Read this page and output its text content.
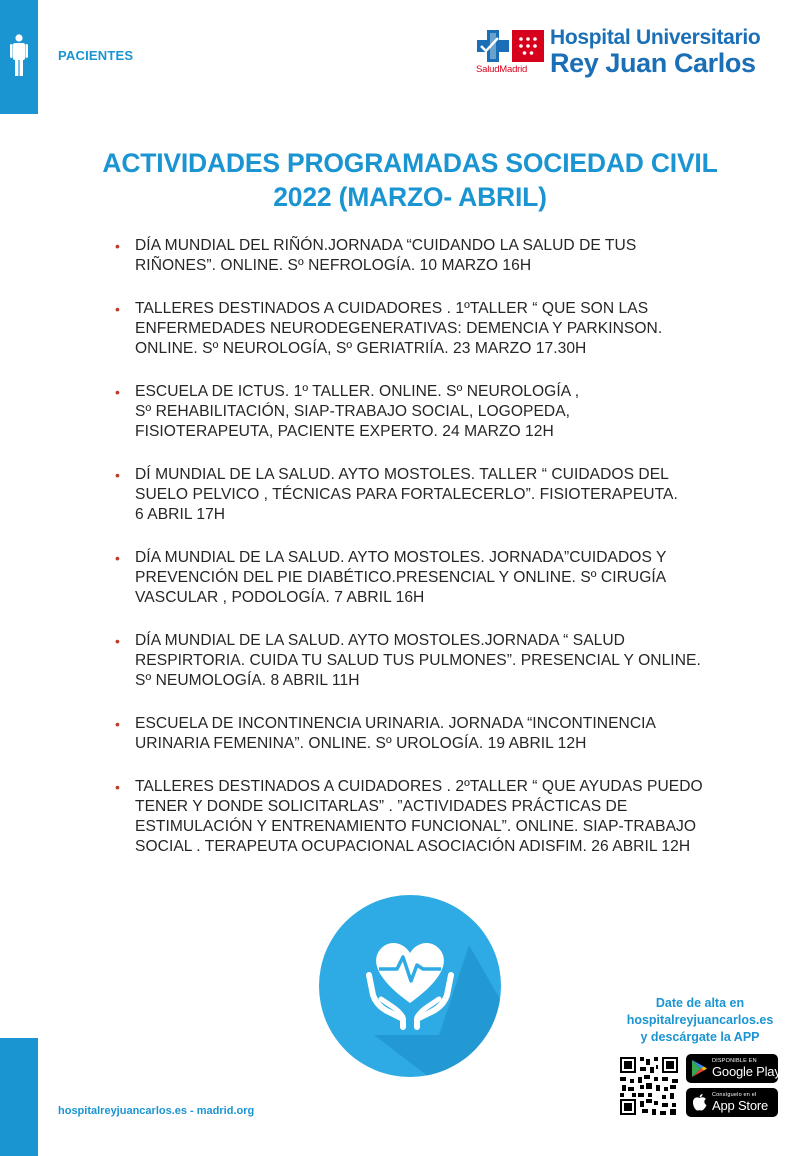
PACIENTES
SaludMadrid
Hospital Universitario
Rey Juan Carlos
ACTIVIDADES PROGRAMADAS SOCIEDAD CIVIL
2022 (MARZO- ABRIL)
• DÍA MUNDIAL DEL RIÑÓN.JORNADA “CUIDANDO LA SALUD DE TUS
RIÑONES”. ONLINE. Sº NEFROLOGÍA. 10 MARZO 16H
• TALLERES DESTINADOS A CUIDADORES . 1ºTALLER “ QUE SON LAS
ENFERMEDADES NEURODEGENERATIVAS: DEMENCIA Y PARKINSON.
ONLINE. Sº NEUROLOGÍA, Sº GERIATRIÍA. 23 MARZO 17.30H
• ESCUELA DE ICTUS. 1º TALLER. ONLINE. Sº NEUROLOGÍA ,
Sº REHABILITACIÓN, SIAP-TRABAJO SOCIAL, LOGOPEDA,
FISIOTERAPEUTA, PACIENTE EXPERTO. 24 MARZO 12H
• DÍ MUNDIAL DE LA SALUD. AYTO MOSTOLES. TALLER “ CUIDADOS DEL
SUELO PELVICO , TÉCNICAS PARA FORTALECERLO”. FISIOTERAPEUTA.
6 ABRIL 17H
• DÍA MUNDIAL DE LA SALUD. AYTO MOSTOLES. JORNADA”CUIDADOS Y
PREVENCIÓN DEL PIE DIABÉTICO.PRESENCIAL Y ONLINE. Sº CIRUGÍA
VASCULAR , PODOLOGÍA. 7 ABRIL 16H
• DÍA MUNDIAL DE LA SALUD. AYTO MOSTOLES.JORNADA “ SALUD
RESPIRTORIA. CUIDA TU SALUD TUS PULMONES”. PRESENCIAL Y ONLINE.
Sº NEUMOLOGÍA. 8 ABRIL 11H
• ESCUELA DE INCONTINENCIA URINARIA. JORNADA “INCONTINENCIA
URINARIA FEMENINA”. ONLINE. Sº UROLOGÍA. 19 ABRIL 12H
• TALLERES DESTINADOS A CUIDADORES . 2ºTALLER “ QUE AYUDAS PUEDO
TENER Y DONDE SOLICITARLAS” . ”ACTIVIDADES PRÁCTICAS DE
ESTIMULACIÓN Y ENTRENAMIENTO FUNCIONAL”. ONLINE. SIAP-TRABAJO
SOCIAL . TERAPEUTA OCUPACIONAL ASOCIACIÓN ADISFIM. 26 ABRIL 12H
Date de alta en
hospitalreyjuancarlos.es
y descárgate la APP
DISPONIBLE EN
Google Play
Consíguelo en el
App Store
hospitalreyjuancarlos.es - madrid.org
